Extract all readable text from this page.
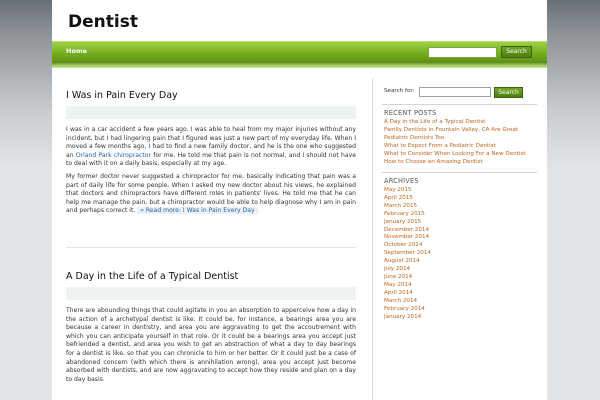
Dentist
Home	Search
I Was in Pain Every Day

I was in a car accident a few years ago. I was able to heal from my major injuries without any incident, but I had lingering pain that I figured was just a new part of my everyday life. When I moved a few months ago, I had to find a new family doctor, and he is the one who suggested an Orland Park chiropractor for me. He told me that pain is not normal, and I should not have to deal with it on a daily basis, especially at my age.

My former doctor never suggested a chiropractor for me, basically indicating that pain was a part of daily life for some people. When I asked my new doctor about his views, he explained that doctors and chiropractors have different roles in patients' lives. He told me that he can help me manage the pain, but a chiropractor would be able to help diagnose why I am in pain and perhaps correct it. » Read more: I Was in Pain Every Day

A Day in the Life of a Typical Dentist

There are abounding things that could agitate in you an absorption to apperceive how a day in the action of a archetypal dentist is like. It could be, for instance, a bearings area you are because a career in dentistry, and area you are aggravating to get the accoutrement with which you can anticipate yourself in that role. Or it could be a bearings area you accept just befriended a dentist, and area you wish to get an abstraction of what a day to day bearings for a dentist is like, so that you can chronicle to him or her better. Or it could just be a case of abandoned concern (with which there is annihilation wrong), area you accept just become absorbed with dentists, and are now aggravating to accept how they reside and plan on a day to day basis.

Search for:	Search
RECENT POSTS
A Day in the Life of a Typical Dentist
Family Dentists in Fountain Valley, CA Are Great
Pediatric Dentists Too
What to Expect From a Pediatric Dentist
What to Consider When Looking For a New Dentist
How to Choose an Amazing Dentist
ARCHIVES
May 2015
April 2015
March 2015
February 2015
January 2015
December 2014
November 2014
October 2014
September 2014
August 2014
July 2014
June 2014
May 2014
April 2014
March 2014
February 2014
January 2014
